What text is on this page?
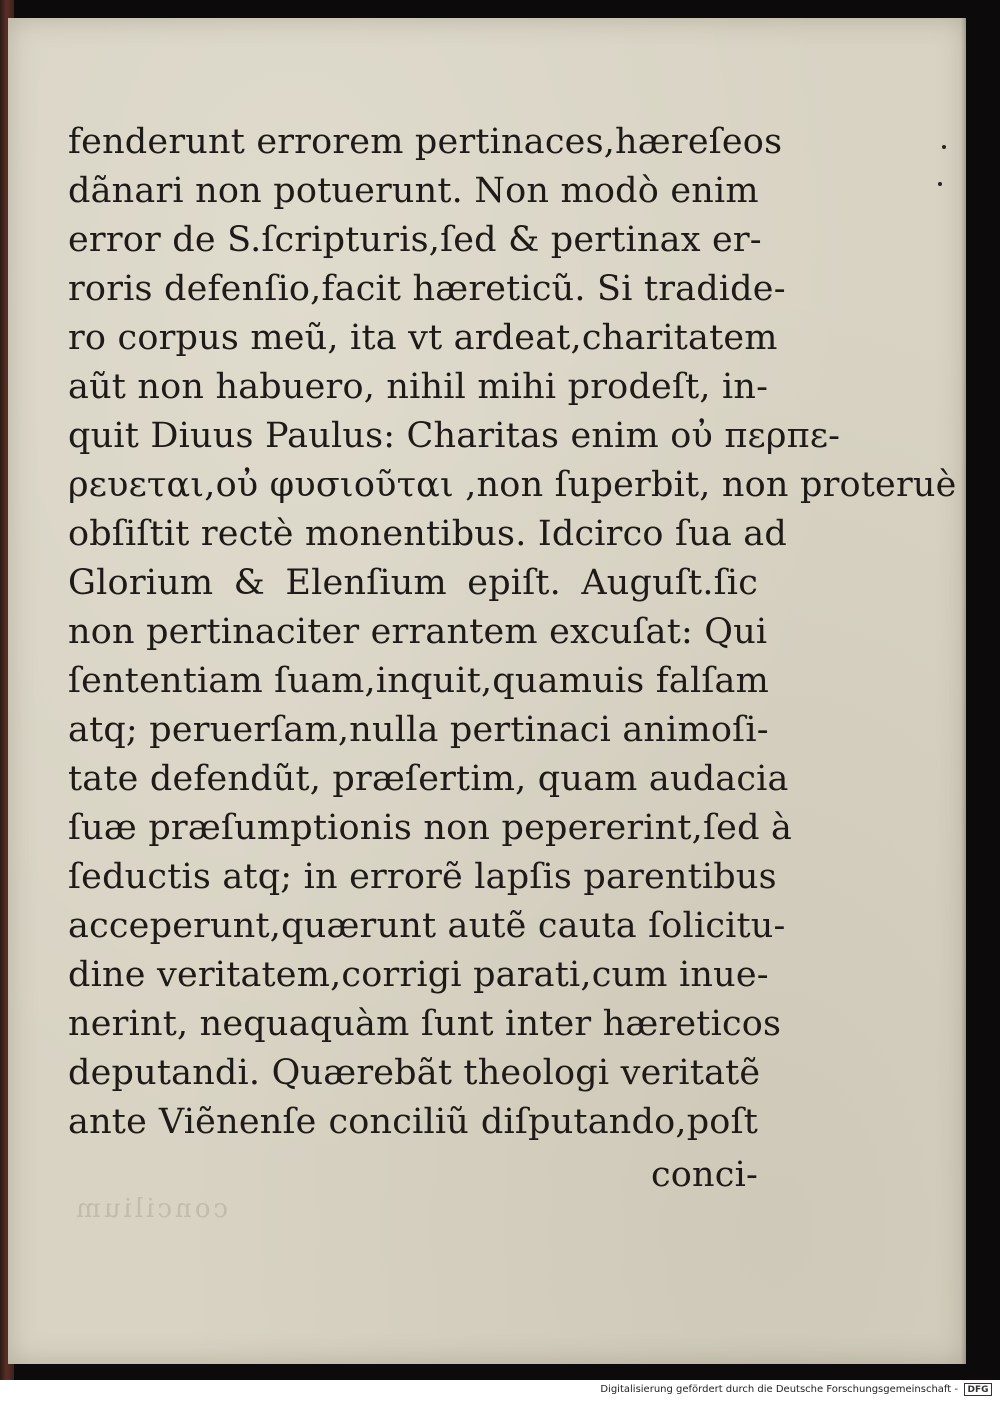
fenderunt errorem pertinaces,hæreſeos
dãnari non potuerunt. Non modò enim
error de S.ſcripturis,ſed & pertinax er-
roris defenſio,facit hæreticũ. Si tradide-
ro corpus meũ, ita vt ardeat,charitatem
aũt non habuero, nihil mihi prodeſt, in-
quit Diuus Paulus: Charitas enim οὐ περπε-
ρευεται,οὐ φυσιοῦται ,non ſuperbit, non proteruè
obſiſtit rectè monentibus. Idcirco ſua ad
Glorium & Elenſium epiſt. Auguſt.ſic
non pertinaciter errantem excuſat: Qui
ſententiam ſuam,inquit,quamuis falſam
atq; peruerſam,nulla pertinaci animoſi-
tate defendũt, præſertim, quam audacia
ſuæ præſumptionis non pepererint,ſed à
ſeductis atq; in errorẽ lapſis parentibus
acceperunt,quærunt autẽ cauta ſolicitu-
dine veritatem,corrigi parati,cum inue-
nerint, nequaquàm ſunt inter hæreticos
deputandi. Quærebãt theologi veritatẽ
ante Viẽnenſe conciliũ diſputando,poſt
conci-
concilium
Digitalisierung gefördert durch die Deutsche Forschungsgemeinschaft -	DFG
